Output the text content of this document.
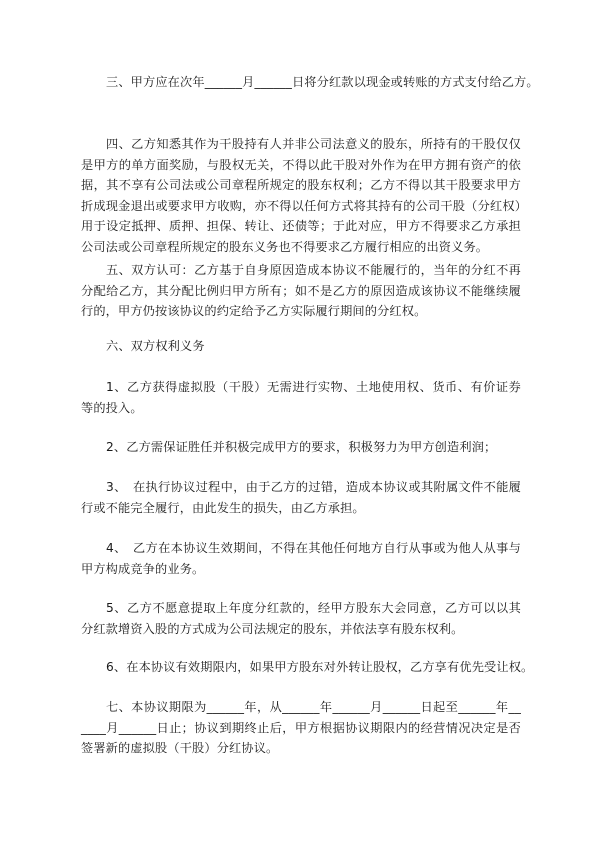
三、甲方应在次年______月______日将分红款以现金或转账的方式支付给乙方。

四、乙方知悉其作为干股持有人并非公司法意义的股东，所持有的干股仅仅是甲方的单方面奖励，与股权无关，不得以此干股对外作为在甲方拥有资产的依据，其不享有公司法或公司章程所规定的股东权利；乙方不得以其干股要求甲方折成现金退出或要求甲方收购，亦不得以任何方式将其持有的公司干股（分红权）用于设定抵押、质押、担保、转让、还债等；于此对应，甲方不得要求乙方承担公司法或公司章程所规定的股东义务也不得要求乙方履行相应的出资义务。

五、双方认可：乙方基于自身原因造成本协议不能履行的，当年的分红不再分配给乙方，其分配比例归甲方所有；如不是乙方的原因造成该协议不能继续履行的，甲方仍按该协议的约定给予乙方实际履行期间的分红权。

六、双方权利义务

1、乙方获得虚拟股（干股）无需进行实物、土地使用权、货币、有价证券等的投入。

2、乙方需保证胜任并积极完成甲方的要求，积极努力为甲方创造利润；

3、　在执行协议过程中，由于乙方的过错，造成本协议或其附属文件不能履行或不能完全履行，由此发生的损失，由乙方承担。

4、　乙方在本协议生效期间，不得在其他任何地方自行从事或为他人从事与甲方构成竞争的业务。

5、乙方不愿意提取上年度分红款的，经甲方股东大会同意，乙方可以以其分红款增资入股的方式成为公司法规定的股东，并依法享有股东权利。

6、在本协议有效期限内，如果甲方股东对外转让股权，乙方享有优先受让权。

七、本协议期限为______年，从______年______月______日起至______年______月______日止；协议到期终止后，甲方根据协议期限内的经营情况决定是否签署新的虚拟股（干股）分红协议。
